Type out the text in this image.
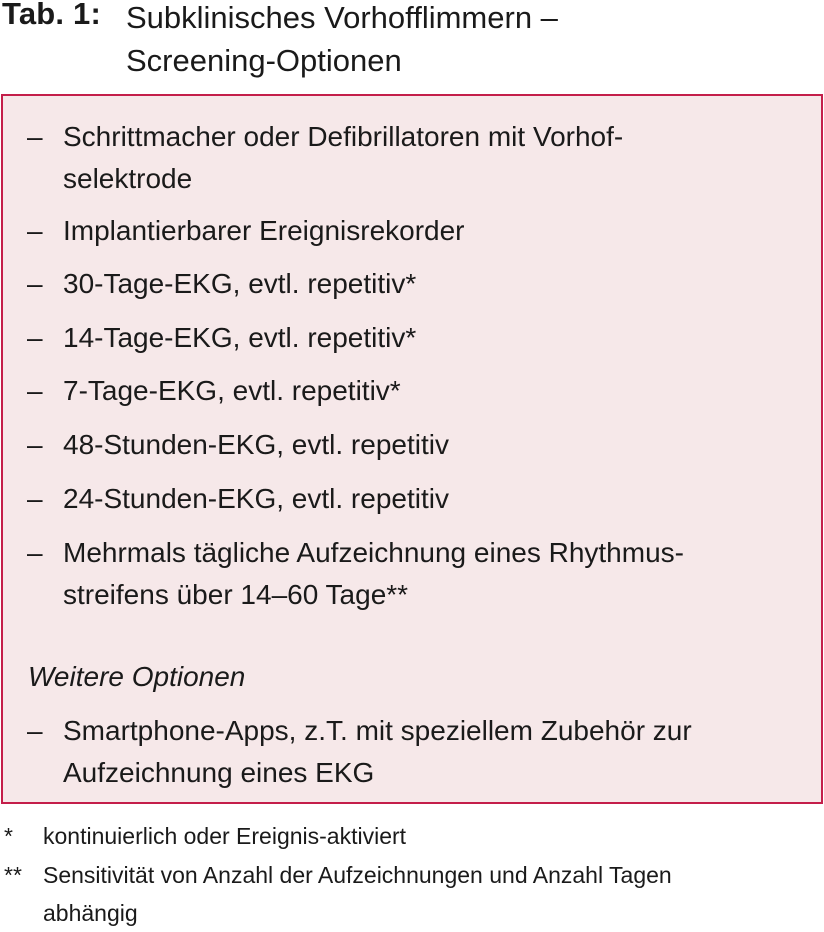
Tab. 1: Subklinisches Vorhofflimmern –
Screening-Optionen
– Schrittmacher oder Defibrillatoren mit Vorhof-
selektrode
– Implantierbarer Ereignisrekorder
– 30-Tage-EKG, evtl. repetitiv*
– 14-Tage-EKG, evtl. repetitiv*
– 7-Tage-EKG, evtl. repetitiv*
– 48-Stunden-EKG, evtl. repetitiv
– 24-Stunden-EKG, evtl. repetitiv
– Mehrmals tägliche Aufzeichnung eines Rhythmus-
streifens über 14–60 Tage**
Weitere Optionen
– Smartphone-Apps, z.T. mit speziellem Zubehör zur
Aufzeichnung eines EKG
* kontinuierlich oder Ereignis-aktiviert
** Sensitivität von Anzahl der Aufzeichnungen und Anzahl Tagen
abhängig
